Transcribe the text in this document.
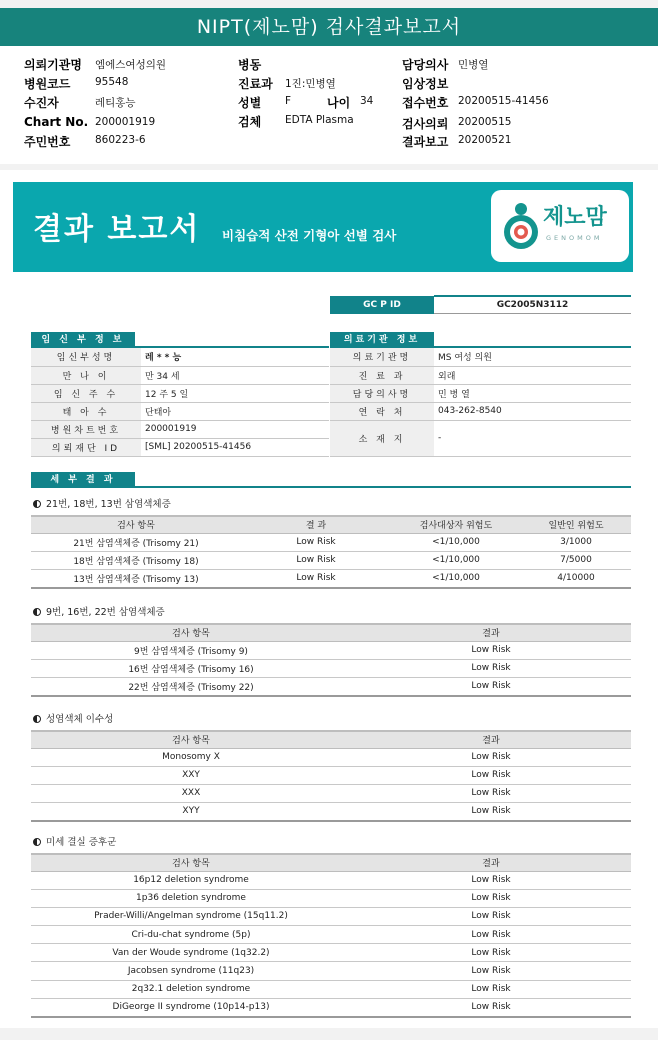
NIPT(제노맘) 검사결과보고서
의뢰기관명 엠에스여성의원
병원코드 95548
수진자	레티홍능
Chart No. 200001919
주민번호 860223-6
병동
진료과 1진:민병열
성별 F	나이 34
검체 EDTA Plasma
담당의사 민병열
임상정보
접수번호 20200515-41456
검사의뢰 20200515
결과보고 20200521
결과 보고서 비침습적 산전 기형아 선별 검사
제노맘
GENOMOM
GC P ID	GC2005N3112
임 신 부 정 보
임신부성명	레 * * 능
만 나 이	만 34 세
임 신 주 수	12 주 5 일
태 아 수	단태아
병원차트번호	200001919
의뢰재단 ID	[SML] 20200515-41456
의료기관 정보
의료기관명	MS 여성 의원
진 료 과	외래
담당의사명	민 병 열
연 락 처	043-262-8540
소 재 지	-
세 부 결 과
21번, 18번, 13번 삼염색체증
검사 항목	결 과	검사대상자 위험도	일반인 위험도
21번 삼염색체증 (Trisomy 21)	Low Risk	<1/10,000	3/1000
18번 삼염색체증 (Trisomy 18)	Low Risk	<1/10,000	7/5000
13번 삼염색체증 (Trisomy 13)	Low Risk	<1/10,000	4/10000
9번, 16번, 22번 삼염색체증
검사 항목	결과
9번 삼염색체증 (Trisomy 9)	Low Risk
16번 삼염색체증 (Trisomy 16)	Low Risk
22번 삼염색체증 (Trisomy 22)	Low Risk
성염색체 이수성
검사 항목	결과
Monosomy X	Low Risk
XXY	Low Risk
XXX	Low Risk
XYY	Low Risk
미세 결실 증후군
검사 항목	결과
16p12 deletion syndrome	Low Risk
1p36 deletion syndrome	Low Risk
Prader-Willi/Angelman syndrome (15q11.2)	Low Risk
Cri-du-chat syndrome (5p)	Low Risk
Van der Woude syndrome (1q32.2)	Low Risk
Jacobsen syndrome (11q23)	Low Risk
2q32.1 deletion syndrome	Low Risk
DiGeorge II syndrome (10p14-p13)	Low Risk
